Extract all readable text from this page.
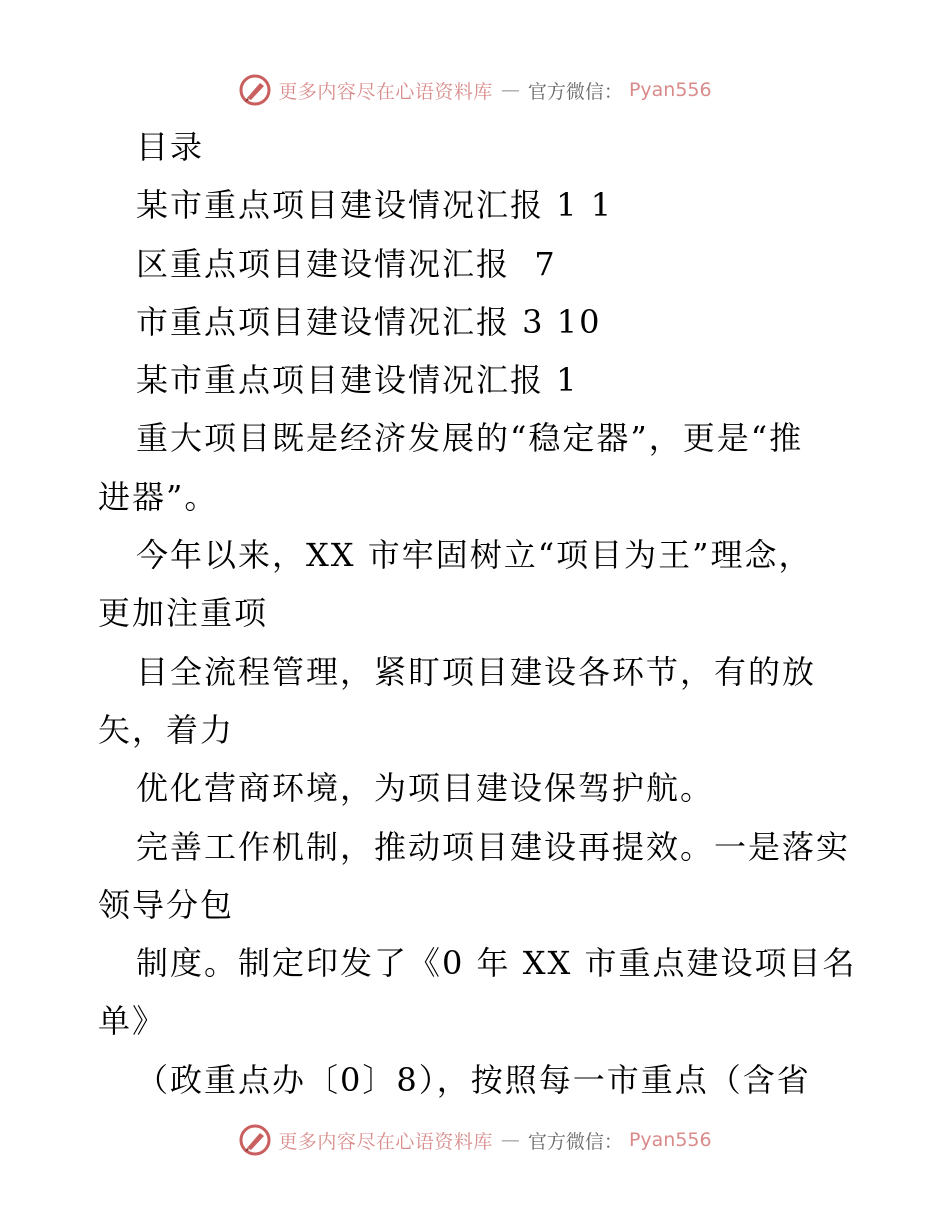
更多内容尽在心语资料库 — 官方微信： Pyan556
目录
某市重点项目建设情况汇报 1 1
区重点项目建设情况汇报  7
市重点项目建设情况汇报 3 10
某市重点项目建设情况汇报 1
重大项目既是经济发展的“稳定器”，更是“推
进器”。
今年以来，XX 市牢固树立“项目为王”理念，
更加注重项
目全流程管理，紧盯项目建设各环节，有的放
矢，着力
优化营商环境，为项目建设保驾护航。
完善工作机制，推动项目建设再提效。一是落实
领导分包
制度。制定印发了《0 年 XX 市重点建设项目名
单》
（政重点办〔0〕8），按照每一市重点（含省
更多内容尽在心语资料库 — 官方微信： Pyan556
